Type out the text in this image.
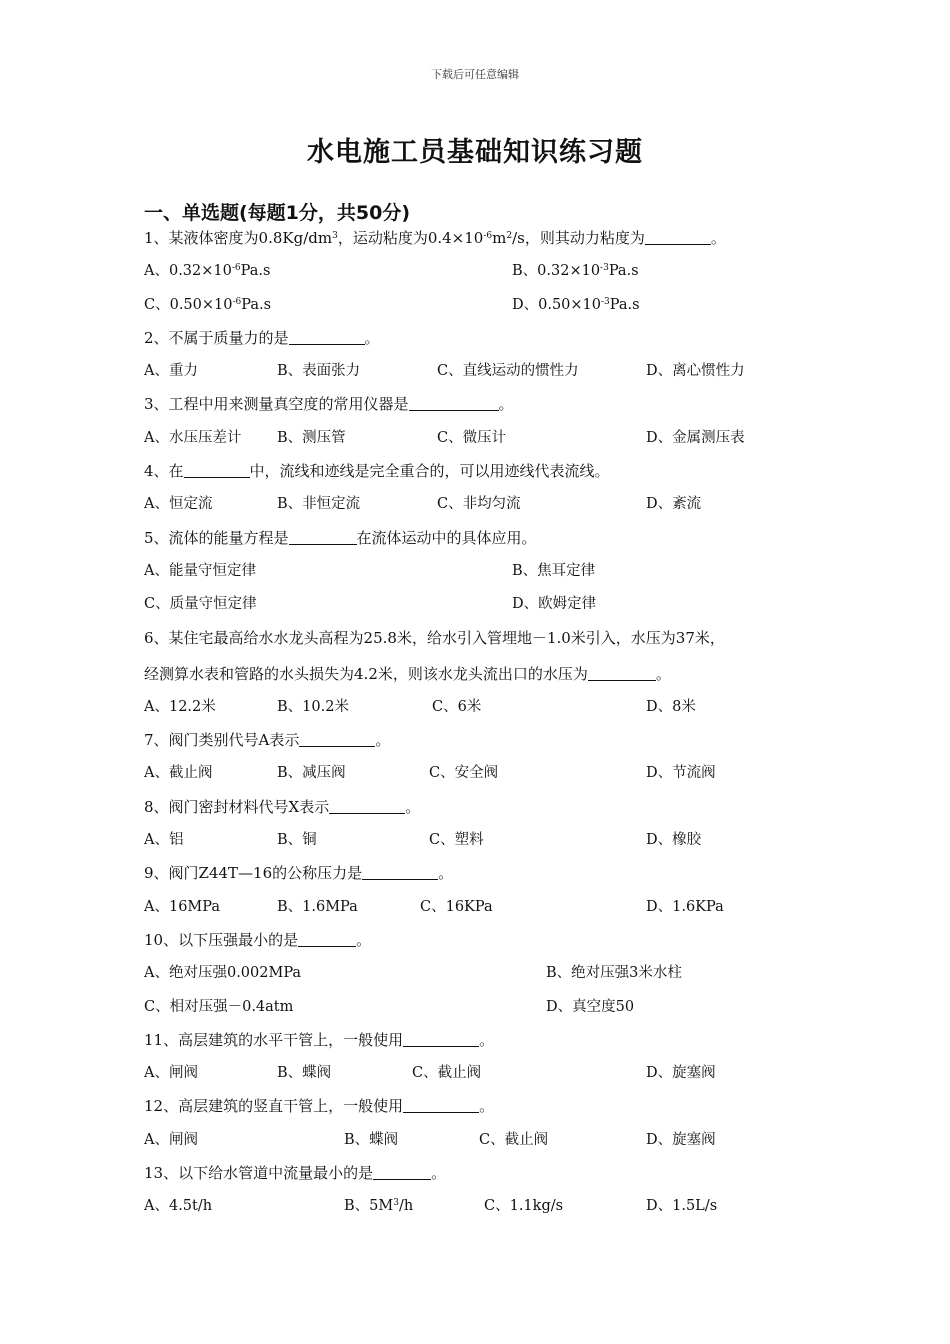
下载后可任意编辑
水电施工员基础知识练习题
一、单选题(每题1分，共50分)
1、某液体密度为$0.8Kg/dm^3$，运动粘度为$0.4\times 10^{-6}m^2/s$，则其动力粘度为	。
A、$0.32\times 10^{-6}Pa.s$	B、$0.32\times 10^{-3}Pa.s$
C、$0.50\times 10^{-6}Pa.s$	D、$0.50\times 10^{-3}Pa.s$
2、不属于质量力的是	。
A、重力	B、表面张力	C、直线运动的惯性力	D、离心惯性力
3、工程中用来测量真空度的常用仪器是	。
A、水压压差计 B、测压管	C、微压计	D、金属测压表
4、在	中，流线和迹线是完全重合的，可以用迹线代表流线。
A、恒定流	B、非恒定流	C、非均匀流	D、紊流
5、流体的能量方程是	在流体运动中的具体应用。
A、能量守恒定律	B、焦耳定律
C、质量守恒定律	D、欧姆定律
6、某住宅最高给水水龙头高程为25.8米，给水引入管埋地－1.0米引入，水压为37米，
经测算水表和管路的水头损失为4.2米，则该水龙头流出口的水压为	。
A、12.2米	B、10.2米	C、6米	D、8米
7、阀门类别代号A表示	。
A、截止阀	B、减压阀	C、安全阀	D、节流阀
8、阀门密封材料代号X表示	。
A、铝	B、铜	C、塑料	D、橡胶
9、阀门Z44T—16的公称压力是	。
A、16MPa	B、1.6MPa	C、16KPa	D、1.6KPa
10、以下压强最小的是	。
A、绝对压强0.002MPa	B、绝对压强3米水柱
C、相对压强－0.4atm	D、真空度50
11、高层建筑的水平干管上，一般使用	。
A、闸阀	B、蝶阀	C、截止阀	D、旋塞阀
12、高层建筑的竖直干管上，一般使用	。
A、闸阀	B、蝶阀	C、截止阀	D、旋塞阀
13、以下给水管道中流量最小的是	。
A、4.5t/h	B、$5M^3/h$	C、1.1kg/s	D、1.5L/s
